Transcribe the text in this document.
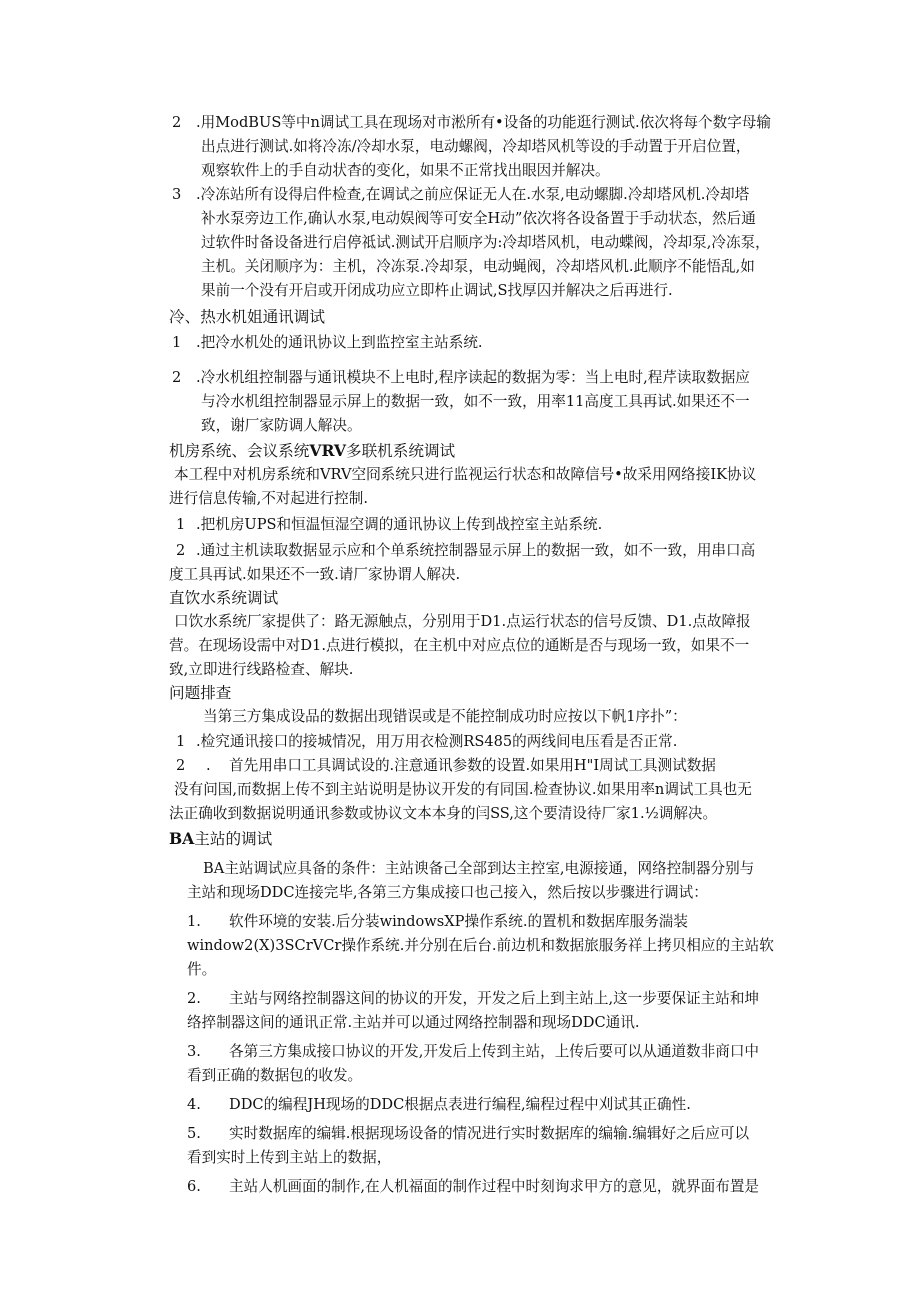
2 .用ModBUS等中n调试工具在现场对市淞所有•设备的功能逛行测试.依次将每个数字母输
出点进行测试.如将冷冻/冷却水泵，电动螺阀，冷却塔风机等设的手动置于开启位置，
观察软件上的手自动状杳的变化，如果不正常找出眼因并解决。
3 .冷冻站所有设得启件检查,在调试之前应保证无人在.水泵,电动螺脚.冷却塔风机.冷却塔
补水泵旁边工作,确认水泵,电动娱阀等可安全H动”依次将各设备置于手动状态，然后通
过软件时备设备进行启停祗试.测试开启顺序为:冷却塔风机，电动蝶阀，冷却泵,冷冻泵，
主机。关闭顺序为：主机，冷冻泵.冷却泵，电动蝇阀，冷却塔风机.此顺序不能悟乱,如
果前一个没有开启或开闭成功应立即杵止调试,S找厚囚并解决之后再进行.
冷、热水机姐通讯调试
1 .把冷水机处的通讯协议上到监控室主站系统.
2 .冷水机组控制器与通讯模块不上电时,程序读起的数据为零：当上电时,程芹读取数据应
与冷水机组控制器显示屏上的数据一致，如不一致，用率11高度工具再试.如果还不一
致，谢厂家防调人解决。
机房系统、会议系统VRV多联机系统调试
本工程中对机房系统和VRV空冏系统只进行监视运行状态和故障信号•故采用网络接IK协议
进行信息传输,不对起进行控制.
1 .把机房UPS和恒温恒湿空调的通讯协议上传到战控室主站系统.
2 .通过主机读取数据显示应和个单系统控制器显示屏上的数据一致，如不一致，用串口高
度工具再试.如果还不一致.请厂家协谓人解决.
直饮水系统调试
口饮水系统厂家提供了：路无源触点，分别用于D1.点运行状态的信号反馈、D1.点故障报
营。在现场设需中对D1.点进行模拟，在主机中对应点位的通断是否与现场一致，如果不一
致,立即进行线路检查、解块.
问题排查
当第三方集成设品的数据出现错误或是不能控制成功时应按以下帆1序扑”：
1 .检究通讯接口的接城情况，用万用衣检测RS485的两线间电压看是否正常.
2 . 首先用串口工具调试设的.注意通讯参数的设置.如果用H"I周试工具测试数据
没有问国,而数据上传不到主站说明是协议开发的有同国.检查协议.如果用率n调试工具也无
法正确收到数据说明通讯参数或协议文本本身的闫SS,这个要清设待厂家1.½调解决。
BA主站的调试
BA主站调试应具备的条件：主站谀备己全部到达主控室,电源接通，网络控制器分别与
主站和现场DDC连接完毕,各第三方集成接口也己接入，然后按以步骤进行调试：
1. 软件环境的安装.后分装windowsXP操作系统.的置机和数据库服务湍装
window2(X)3SCrVCr操作系统.并分别在后台.前边机和数据旅服务祥上拷贝相应的主站软
件。
2. 主站与网络控制器这间的协议的开发，开发之后上到主站上,这一步要保证主站和坤
络捽制器这间的通讯正常.主站并可以通过网络控制器和现场DDC通讯.
3. 各第三方集成接口协议的开发,开发后上传到主站，上传后要可以从通道数非商口中
看到正确的数据包的收发。
4. DDC的编程JH现场的DDC根据点表进行编程,编程过程中刈试其正确性.
5. 实时数据库的编辑.根据现场设备的情况进行实时数据库的编输.编辑好之后应可以
看到实时上传到主站上的数据，
6. 主站人机画面的制作,在人机福面的制作过程中时刻询求甲方的意见，就界面布置是
